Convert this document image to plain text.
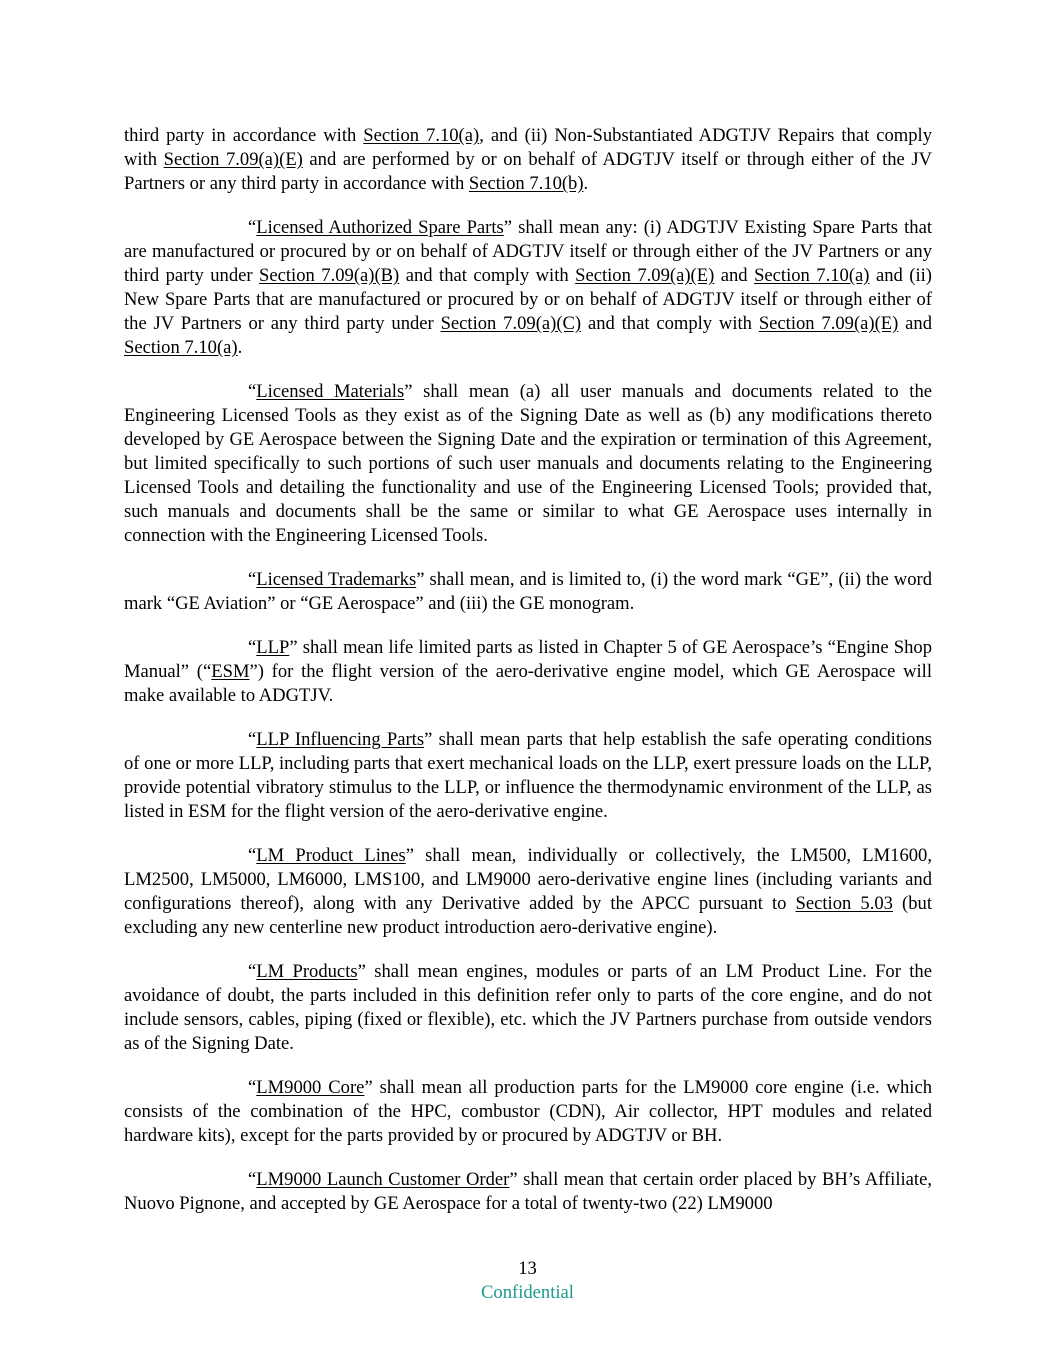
third party in accordance with Section 7.10(a), and (ii) Non-Substantiated ADGTJV Repairs that comply with Section 7.09(a)(E) and are performed by or on behalf of ADGTJV itself or through either of the JV Partners or any third party in accordance with Section 7.10(b).

“Licensed Authorized Spare Parts” shall mean any: (i) ADGTJV Existing Spare Parts that are manufactured or procured by or on behalf of ADGTJV itself or through either of the JV Partners or any third party under Section 7.09(a)(B) and that comply with Section 7.09(a)(E) and Section 7.10(a) and (ii) New Spare Parts that are manufactured or procured by or on behalf of ADGTJV itself or through either of the JV Partners or any third party under Section 7.09(a)(C) and that comply with Section 7.09(a)(E) and Section 7.10(a).

“Licensed Materials” shall mean (a) all user manuals and documents related to the Engineering Licensed Tools as they exist as of the Signing Date as well as (b) any modifications thereto developed by GE Aerospace between the Signing Date and the expiration or termination of this Agreement, but limited specifically to such portions of such user manuals and documents relating to the Engineering Licensed Tools and detailing the functionality and use of the Engineering Licensed Tools; provided that, such manuals and documents shall be the same or similar to what GE Aerospace uses internally in connection with the Engineering Licensed Tools.

“Licensed Trademarks” shall mean, and is limited to, (i) the word mark “GE”, (ii) the word mark “GE Aviation” or “GE Aerospace” and (iii) the GE monogram.

“LLP” shall mean life limited parts as listed in Chapter 5 of GE Aerospace’s “Engine Shop Manual” (“ESM”) for the flight version of the aero-derivative engine model, which GE Aerospace will make available to ADGTJV.

“LLP Influencing Parts” shall mean parts that help establish the safe operating conditions of one or more LLP, including parts that exert mechanical loads on the LLP, exert pressure loads on the LLP, provide potential vibratory stimulus to the LLP, or influence the thermodynamic environment of the LLP, as listed in ESM for the flight version of the aero-derivative engine.

“LM Product Lines” shall mean, individually or collectively, the LM500, LM1600, LM2500, LM5000, LM6000, LMS100, and LM9000 aero-derivative engine lines (including variants and configurations thereof), along with any Derivative added by the APCC pursuant to Section 5.03 (but excluding any new centerline new product introduction aero-derivative engine).

“LM Products” shall mean engines, modules or parts of an LM Product Line. For the avoidance of doubt, the parts included in this definition refer only to parts of the core engine, and do not include sensors, cables, piping (fixed or flexible), etc. which the JV Partners purchase from outside vendors as of the Signing Date.

“LM9000 Core” shall mean all production parts for the LM9000 core engine (i.e. which consists of the combination of the HPC, combustor (CDN), Air collector, HPT modules and related hardware kits), except for the parts provided by or procured by ADGTJV or BH.

“LM9000 Launch Customer Order” shall mean that certain order placed by BH’s Affiliate, Nuovo Pignone, and accepted by GE Aerospace for a total of twenty-two (22) LM9000

13
Confidential
